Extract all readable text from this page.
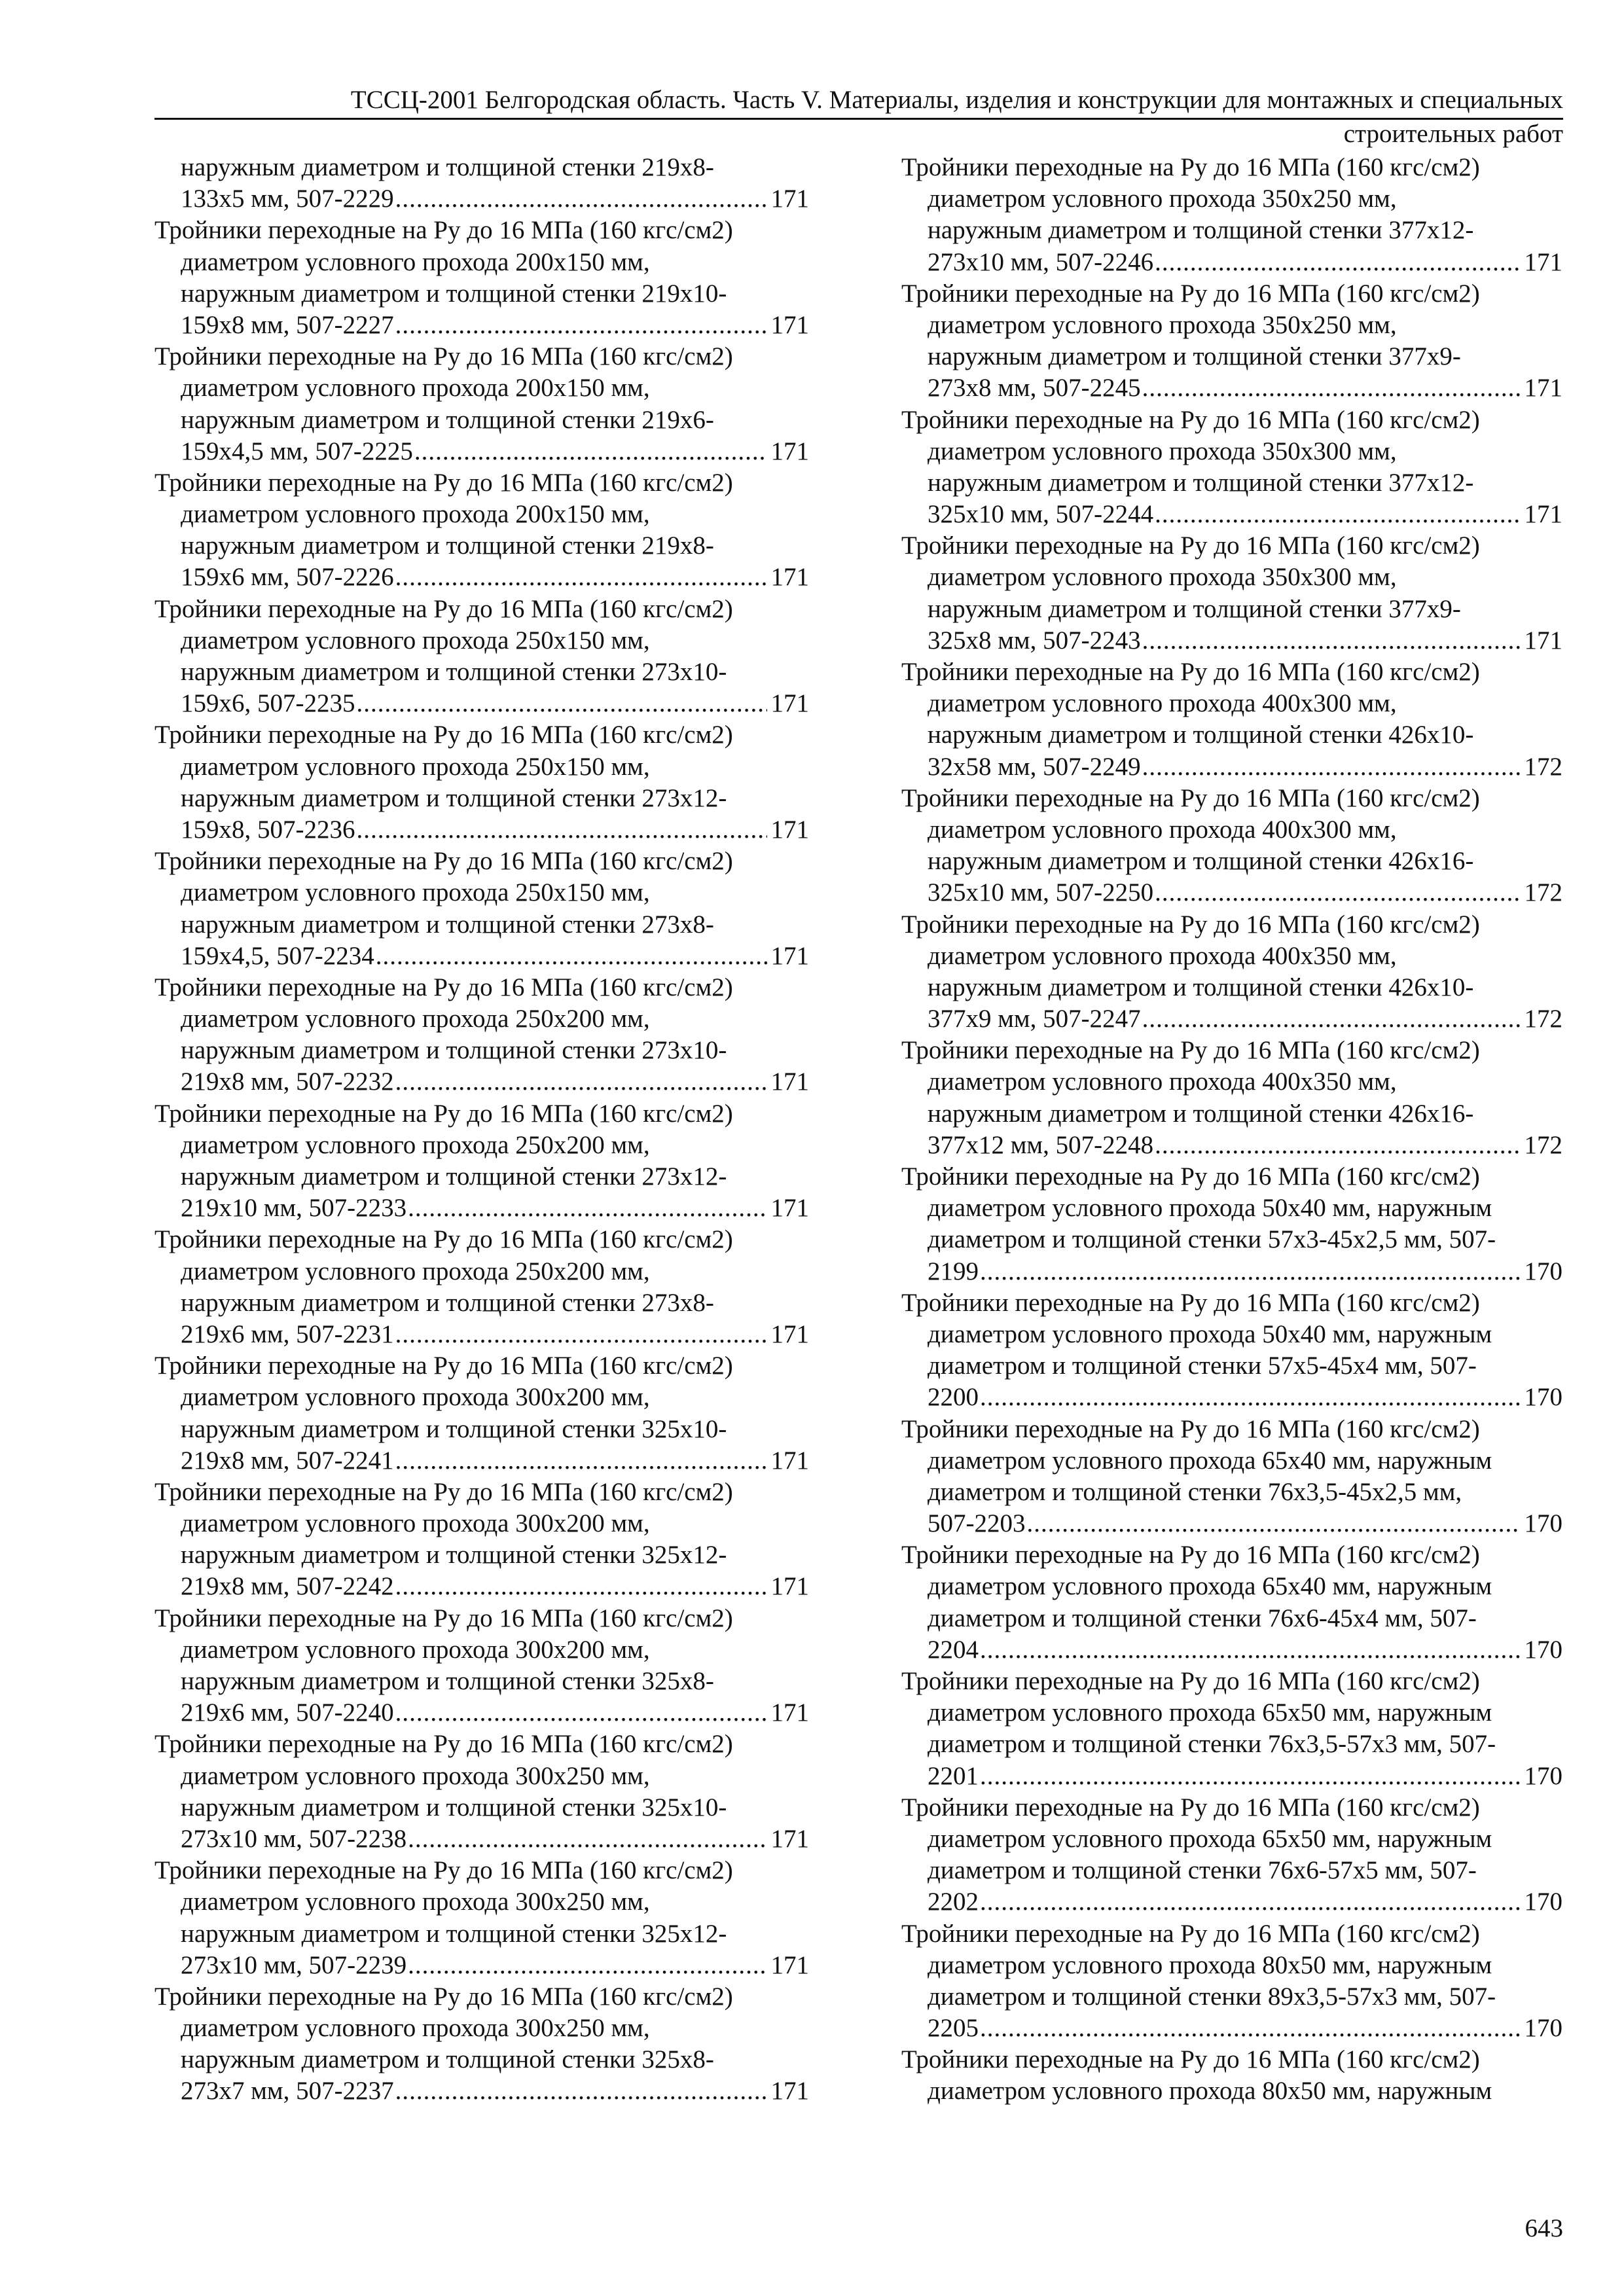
ТССЦ-2001 Белгородская область. Часть V. Материалы, изделия и конструкции для монтажных и специальных
строительных работ
наружным диаметром и толщиной стенки 219х8-
133х5 мм, 507-2229 .....	171
Тройники переходные на Ру до 16 МПа (160 кгс/см2)
диаметром условного прохода 200х150 мм,
наружным диаметром и толщиной стенки 219х10-
159х8 мм, 507-2227 .....	171
Тройники переходные на Ру до 16 МПа (160 кгс/см2)
диаметром условного прохода 200х150 мм,
наружным диаметром и толщиной стенки 219х6-
159х4,5 мм, 507-2225 .....	171
Тройники переходные на Ру до 16 МПа (160 кгс/см2)
диаметром условного прохода 200х150 мм,
наружным диаметром и толщиной стенки 219х8-
159х6 мм, 507-2226 .....	171
Тройники переходные на Ру до 16 МПа (160 кгс/см2)
диаметром условного прохода 250х150 мм,
наружным диаметром и толщиной стенки 273х10-
159х6, 507-2235 .....	171
Тройники переходные на Ру до 16 МПа (160 кгс/см2)
диаметром условного прохода 250х150 мм,
наружным диаметром и толщиной стенки 273х12-
159х8, 507-2236 .....	171
Тройники переходные на Ру до 16 МПа (160 кгс/см2)
диаметром условного прохода 250х150 мм,
наружным диаметром и толщиной стенки 273х8-
159х4,5, 507-2234 .....	171
Тройники переходные на Ру до 16 МПа (160 кгс/см2)
диаметром условного прохода 250х200 мм,
наружным диаметром и толщиной стенки 273х10-
219х8 мм, 507-2232 .....	171
Тройники переходные на Ру до 16 МПа (160 кгс/см2)
диаметром условного прохода 250х200 мм,
наружным диаметром и толщиной стенки 273х12-
219х10 мм, 507-2233 .....	171
Тройники переходные на Ру до 16 МПа (160 кгс/см2)
диаметром условного прохода 250х200 мм,
наружным диаметром и толщиной стенки 273х8-
219х6 мм, 507-2231 .....	171
Тройники переходные на Ру до 16 МПа (160 кгс/см2)
диаметром условного прохода 300х200 мм,
наружным диаметром и толщиной стенки 325х10-
219х8 мм, 507-2241 .....	171
Тройники переходные на Ру до 16 МПа (160 кгс/см2)
диаметром условного прохода 300х200 мм,
наружным диаметром и толщиной стенки 325х12-
219х8 мм, 507-2242 .....	171
Тройники переходные на Ру до 16 МПа (160 кгс/см2)
диаметром условного прохода 300х200 мм,
наружным диаметром и толщиной стенки 325х8-
219х6 мм, 507-2240 .....	171
Тройники переходные на Ру до 16 МПа (160 кгс/см2)
диаметром условного прохода 300х250 мм,
наружным диаметром и толщиной стенки 325х10-
273х10 мм, 507-2238 .....	171
Тройники переходные на Ру до 16 МПа (160 кгс/см2)
диаметром условного прохода 300х250 мм,
наружным диаметром и толщиной стенки 325х12-
273х10 мм, 507-2239 .....	171
Тройники переходные на Ру до 16 МПа (160 кгс/см2)
диаметром условного прохода 300х250 мм,
наружным диаметром и толщиной стенки 325х8-
273х7 мм, 507-2237 .....	171
Тройники переходные на Ру до 16 МПа (160 кгс/см2)
диаметром условного прохода 350х250 мм,
наружным диаметром и толщиной стенки 377х12-
273х10 мм, 507-2246 .....	171
Тройники переходные на Ру до 16 МПа (160 кгс/см2)
диаметром условного прохода 350х250 мм,
наружным диаметром и толщиной стенки 377х9-
273х8 мм, 507-2245 .....	171
Тройники переходные на Ру до 16 МПа (160 кгс/см2)
диаметром условного прохода 350х300 мм,
наружным диаметром и толщиной стенки 377х12-
325х10 мм, 507-2244 .....	171
Тройники переходные на Ру до 16 МПа (160 кгс/см2)
диаметром условного прохода 350х300 мм,
наружным диаметром и толщиной стенки 377х9-
325х8 мм, 507-2243 .....	171
Тройники переходные на Ру до 16 МПа (160 кгс/см2)
диаметром условного прохода 400х300 мм,
наружным диаметром и толщиной стенки 426х10-
32х58 мм, 507-2249 .....	172
Тройники переходные на Ру до 16 МПа (160 кгс/см2)
диаметром условного прохода 400х300 мм,
наружным диаметром и толщиной стенки 426х16-
325х10 мм, 507-2250 .....	172
Тройники переходные на Ру до 16 МПа (160 кгс/см2)
диаметром условного прохода 400х350 мм,
наружным диаметром и толщиной стенки 426х10-
377х9 мм, 507-2247 .....	172
Тройники переходные на Ру до 16 МПа (160 кгс/см2)
диаметром условного прохода 400х350 мм,
наружным диаметром и толщиной стенки 426х16-
377х12 мм, 507-2248 .....	172
Тройники переходные на Ру до 16 МПа (160 кгс/см2)
диаметром условного прохода 50х40 мм, наружным
диаметром и толщиной стенки 57х3-45х2,5 мм, 507-
2199 .....	170
Тройники переходные на Ру до 16 МПа (160 кгс/см2)
диаметром условного прохода 50х40 мм, наружным
диаметром и толщиной стенки 57х5-45х4 мм, 507-
2200 .....	170
Тройники переходные на Ру до 16 МПа (160 кгс/см2)
диаметром условного прохода 65х40 мм, наружным
диаметром и толщиной стенки 76х3,5-45х2,5 мм,
507-2203 .....	170
Тройники переходные на Ру до 16 МПа (160 кгс/см2)
диаметром условного прохода 65х40 мм, наружным
диаметром и толщиной стенки 76х6-45х4 мм, 507-
2204 .....	170
Тройники переходные на Ру до 16 МПа (160 кгс/см2)
диаметром условного прохода 65х50 мм, наружным
диаметром и толщиной стенки 76х3,5-57х3 мм, 507-
2201 .....	170
Тройники переходные на Ру до 16 МПа (160 кгс/см2)
диаметром условного прохода 65х50 мм, наружным
диаметром и толщиной стенки 76х6-57х5 мм, 507-
2202 .....	170
Тройники переходные на Ру до 16 МПа (160 кгс/см2)
диаметром условного прохода 80х50 мм, наружным
диаметром и толщиной стенки 89х3,5-57х3 мм, 507-
2205 .....	170
Тройники переходные на Ру до 16 МПа (160 кгс/см2)
диаметром условного прохода 80х50 мм, наружным
643
